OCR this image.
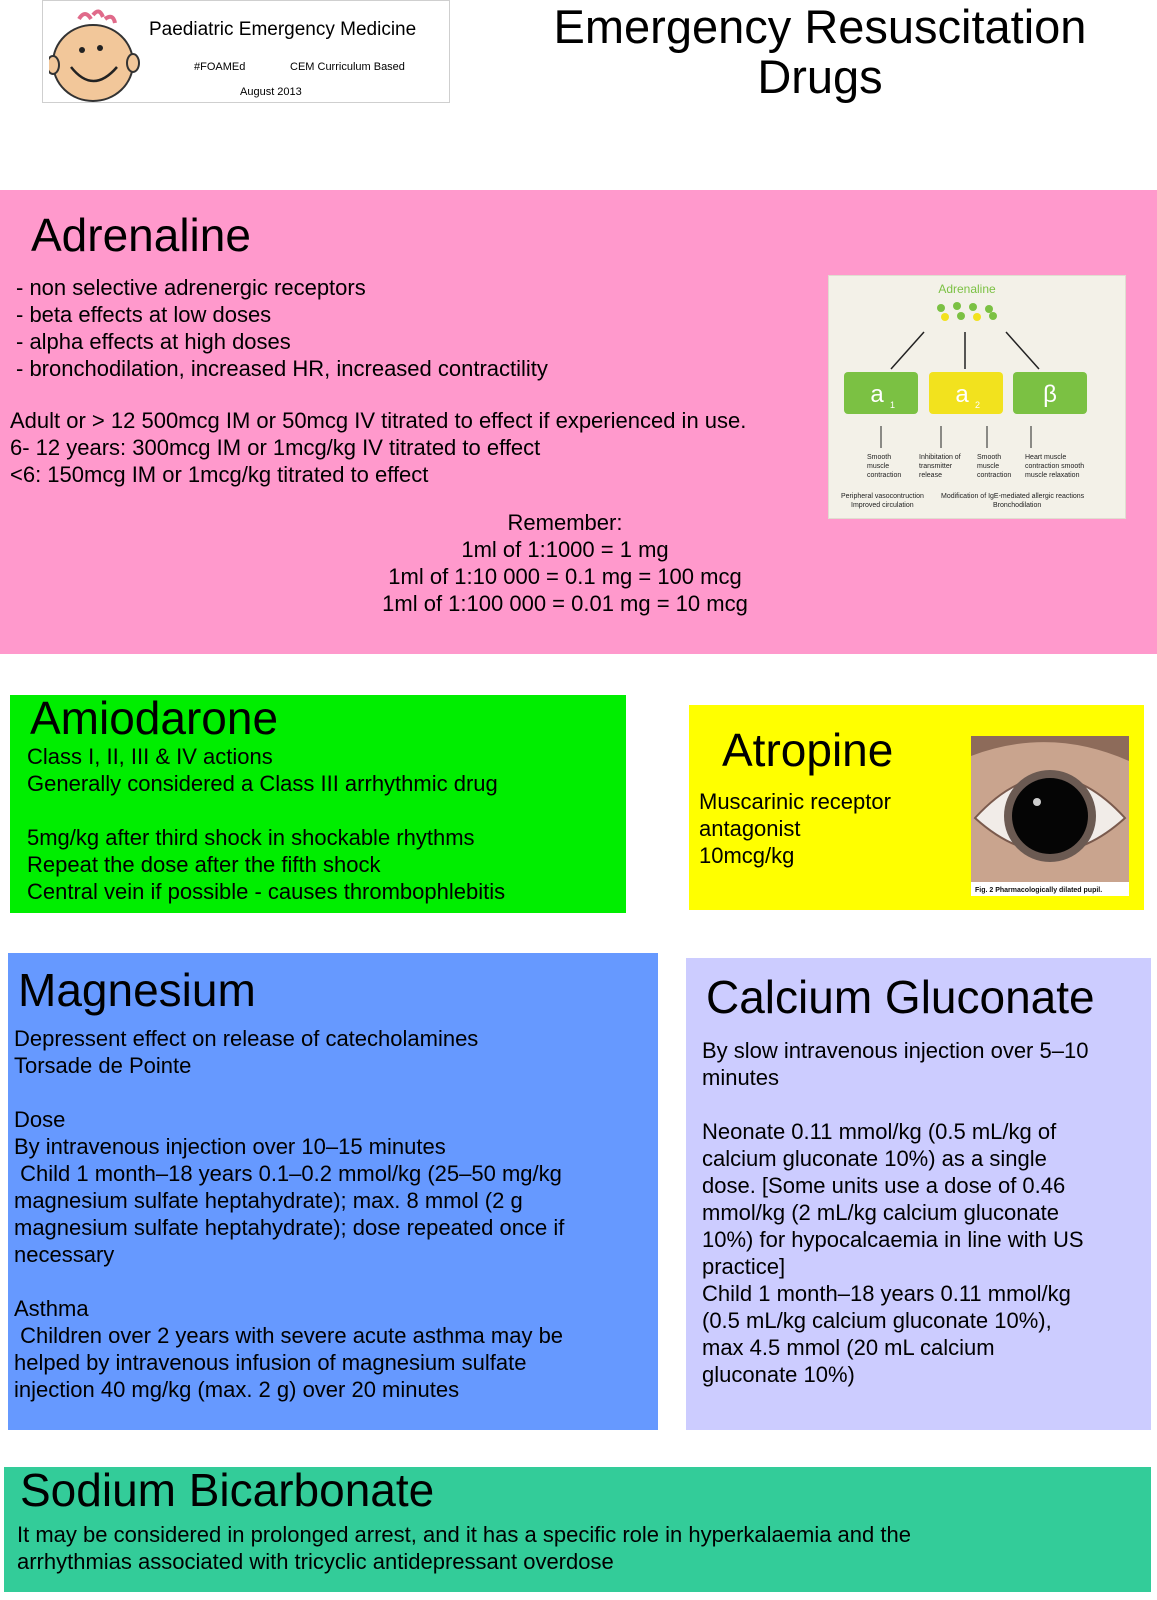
Paediatric Emergency Medicine
#FOAMEd	CEM Curriculum Based
August 2013
Emergency Resuscitation
Drugs
Adrenaline
- non selective adrenergic receptors
- beta effects at low doses
- alpha effects at high doses
- bronchodilation, increased HR, increased contractility
Adult or > 12 500mcg IM or 50mcg IV titrated to effect if experienced in use.
6- 12 years: 300mcg IM or 1mcg/kg IV titrated to effect
<6: 150mcg IM or 1mcg/kg titrated to effect
Remember:
1ml of 1:1000 = 1 mg
1ml of 1:10 000 = 0.1 mg = 100 mcg
1ml of 1:100 000 = 0.01 mg = 10 mcg
Adrenaline
a 1	a 2	β
Smooth
muscle
contraction
Inhibitation of
transmitter
release
Smooth
muscle
contraction
Heart muscle
contraction smooth
muscle relaxation
Peripheral vasocontruction
Improved circulation
Modification of IgE-mediated allergic reactions
Bronchodilation
Amiodarone
Class I, II, III & IV actions
Generally considered a Class III arrhythmic drug
5mg/kg after third shock in shockable rhythms
Repeat the dose after the fifth shock
Central vein if possible - causes thrombophlebitis
Atropine
Muscarinic receptor
antagonist
10mcg/kg
Fig. 2 Pharmacologically dilated pupil.
Magnesium
Depressent effect on release of catecholamines
Torsade de Pointe
Dose
By intravenous injection over 10–15 minutes
Child 1 month–18 years 0.1–0.2 mmol/kg (25–50 mg/kg
magnesium sulfate heptahydrate); max. 8 mmol (2 g
magnesium sulfate heptahydrate); dose repeated once if
necessary
Asthma
Children over 2 years with severe acute asthma may be
helped by intravenous infusion of magnesium sulfate
injection 40 mg/kg (max. 2 g) over 20 minutes
Calcium Gluconate
By slow intravenous injection over 5–10
minutes
Neonate 0.11 mmol/kg (0.5 mL/kg of
calcium gluconate 10%) as a single
dose. [Some units use a dose of 0.46
mmol/kg (2 mL/kg calcium gluconate
10%) for hypocalcaemia in line with US
practice]
Child 1 month–18 years 0.11 mmol/kg
(0.5 mL/kg calcium gluconate 10%),
max 4.5 mmol (20 mL calcium
gluconate 10%)
Sodium Bicarbonate
It may be considered in prolonged arrest, and it has a specific role in hyperkalaemia and the
arrhythmias associated with tricyclic antidepressant overdose
